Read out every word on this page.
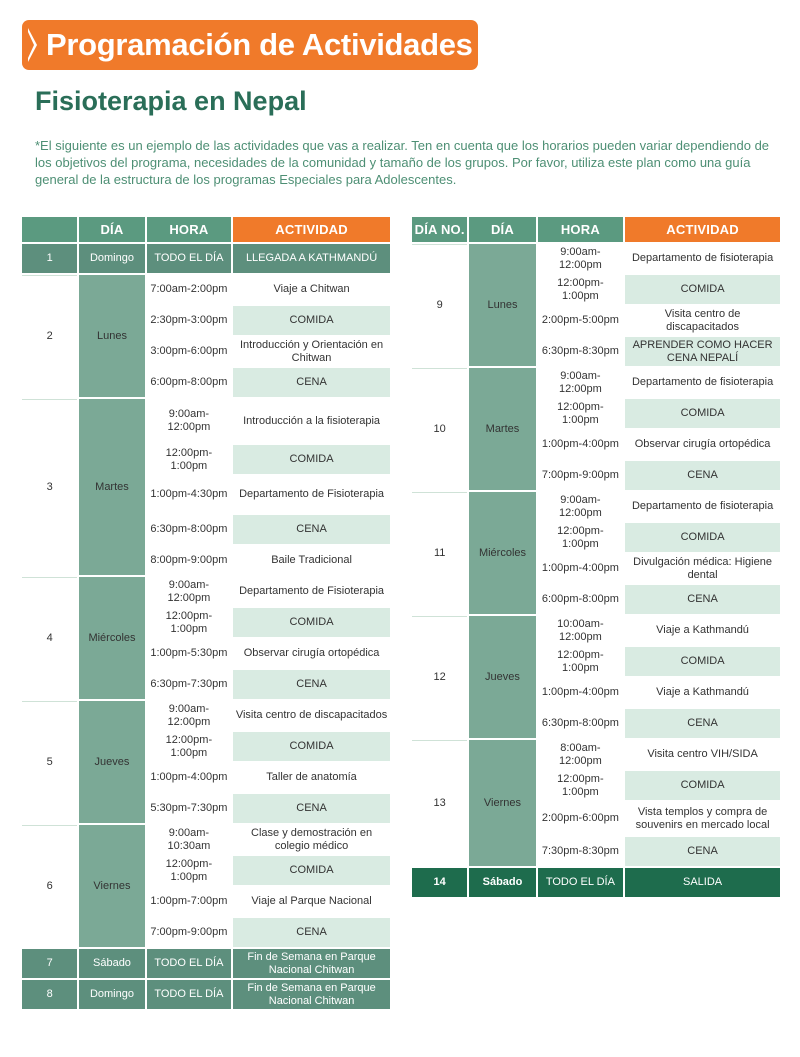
Programación de Actividades
Fisioterapia en Nepal
*El siguiente es un ejemplo de las actividades que vas a realizar. Ten en cuenta que los horarios pueden variar dependiendo de los objetivos del programa, necesidades de la comunidad y tamaño de los grupos. Por favor, utiliza este plan como una guía general de la estructura de los programas Especiales para Adolescentes.
	DÍA	HORA	ACTIVIDAD
1	Domingo	TODO EL DÍA	LLEGADA A KATHMANDÚ
2	Lunes	7:00am-2:00pm	Viaje a Chitwan
		2:30pm-3:00pm	COMIDA
		3:00pm-6:00pm	Introducción y Orientación en Chitwan
		6:00pm-8:00pm	CENA
3	Martes	9:00am-12:00pm	Introducción a la fisioterapia
		12:00pm-1:00pm	COMIDA
		1:00pm-4:30pm	Departamento de Fisioterapia
		6:30pm-8:00pm	CENA
		8:00pm-9:00pm	Baile Tradicional
4	Miércoles	9:00am-12:00pm	Departamento de Fisioterapia
		12:00pm-1:00pm	COMIDA
		1:00pm-5:30pm	Observar cirugía ortopédica
		6:30pm-7:30pm	CENA
5	Jueves	9:00am-12:00pm	Visita centro de discapacitados
		12:00pm-1:00pm	COMIDA
		1:00pm-4:00pm	Taller de anatomía
		5:30pm-7:30pm	CENA
6	Viernes	9:00am-10:30am	Clase y demostración en colegio médico
		12:00pm-1:00pm	COMIDA
		1:00pm-7:00pm	Viaje al Parque Nacional
		7:00pm-9:00pm	CENA
7	Sábado	TODO EL DÍA	Fin de Semana en Parque Nacional Chitwan
8	Domingo	TODO EL DÍA	Fin de Semana en Parque Nacional Chitwan
DÍA NO.	DÍA	HORA	ACTIVIDAD
9	Lunes	9:00am-12:00pm	Departamento de fisioterapia
		12:00pm-1:00pm	COMIDA
		2:00pm-5:00pm	Visita centro de discapacitados
		6:30pm-8:30pm	APRENDER COMO HACER CENA NEPALÍ
10	Martes	9:00am-12:00pm	Departamento de fisioterapia
		12:00pm-1:00pm	COMIDA
		1:00pm-4:00pm	Observar cirugía ortopédica
		7:00pm-9:00pm	CENA
11	Miércoles	9:00am-12:00pm	Departamento de fisioterapia
		12:00pm-1:00pm	COMIDA
		1:00pm-4:00pm	Divulgación médica: Higiene dental
		6:00pm-8:00pm	CENA
12	Jueves	10:00am-12:00pm	Viaje a Kathmandú
		12:00pm-1:00pm	COMIDA
		1:00pm-4:00pm	Viaje a Kathmandú
		6:30pm-8:00pm	CENA
13	Viernes	8:00am-12:00pm	Visita centro VIH/SIDA
		12:00pm-1:00pm	COMIDA
		2:00pm-6:00pm	Vista templos y compra de souvenirs en mercado local
		7:30pm-8:30pm	CENA
14	Sábado	TODO EL DÍA	SALIDA
